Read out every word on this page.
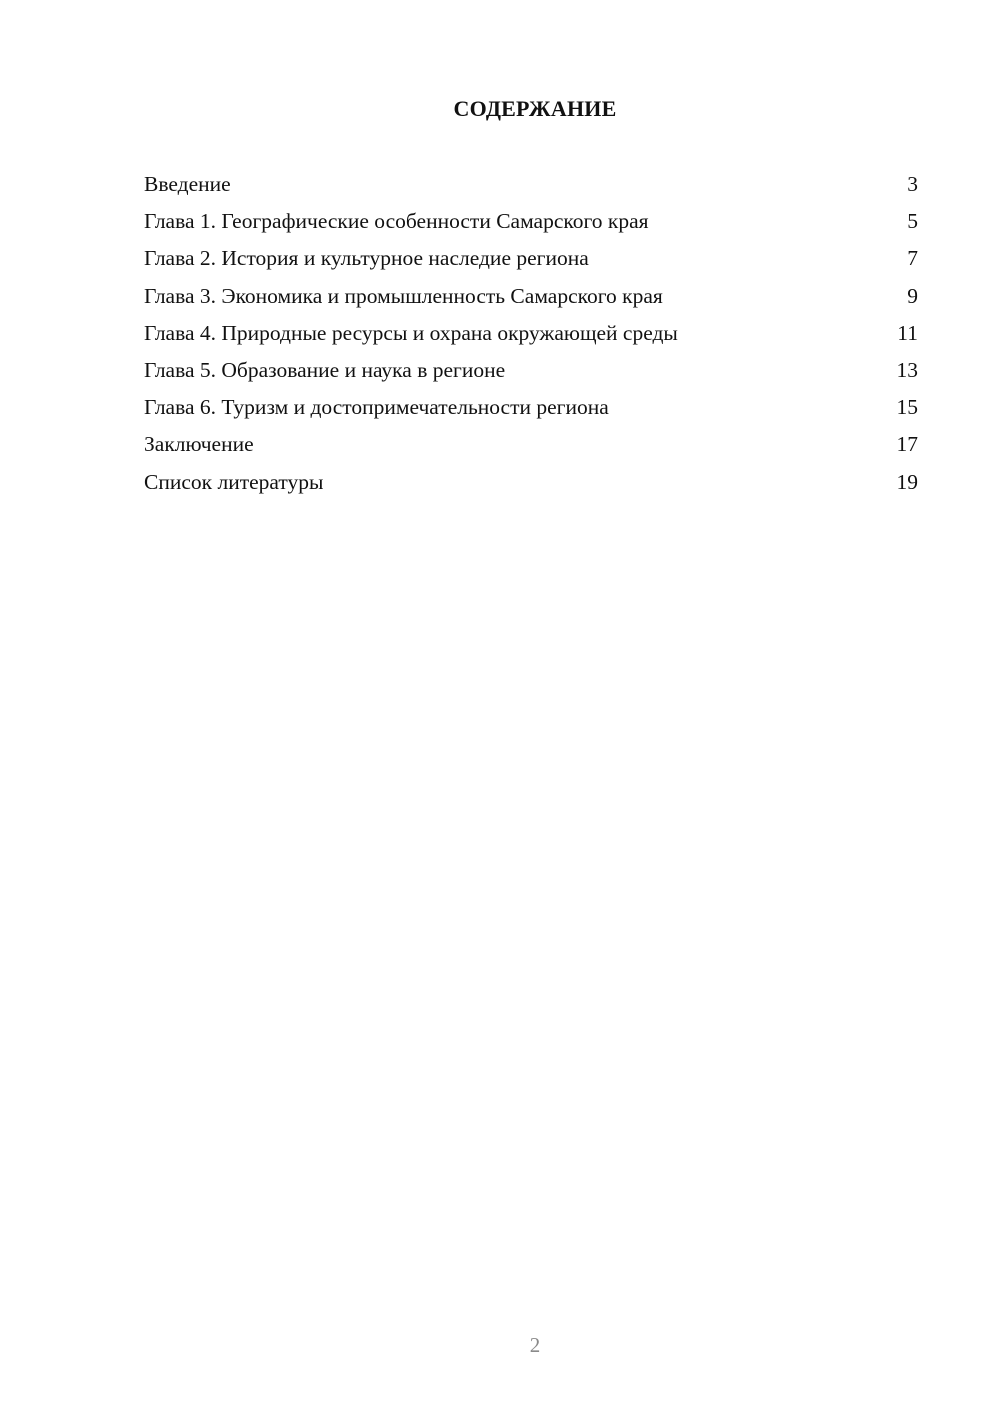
СОДЕРЖАНИЕ
Введение	3
Глава 1. Географические особенности Самарского края	5
Глава 2. История и культурное наследие региона	7
Глава 3. Экономика и промышленность Самарского края	9
Глава 4. Природные ресурсы и охрана окружающей среды	11
Глава 5. Образование и наука в регионе	13
Глава 6. Туризм и достопримечательности региона	15
Заключение	17
Список литературы	19
2
